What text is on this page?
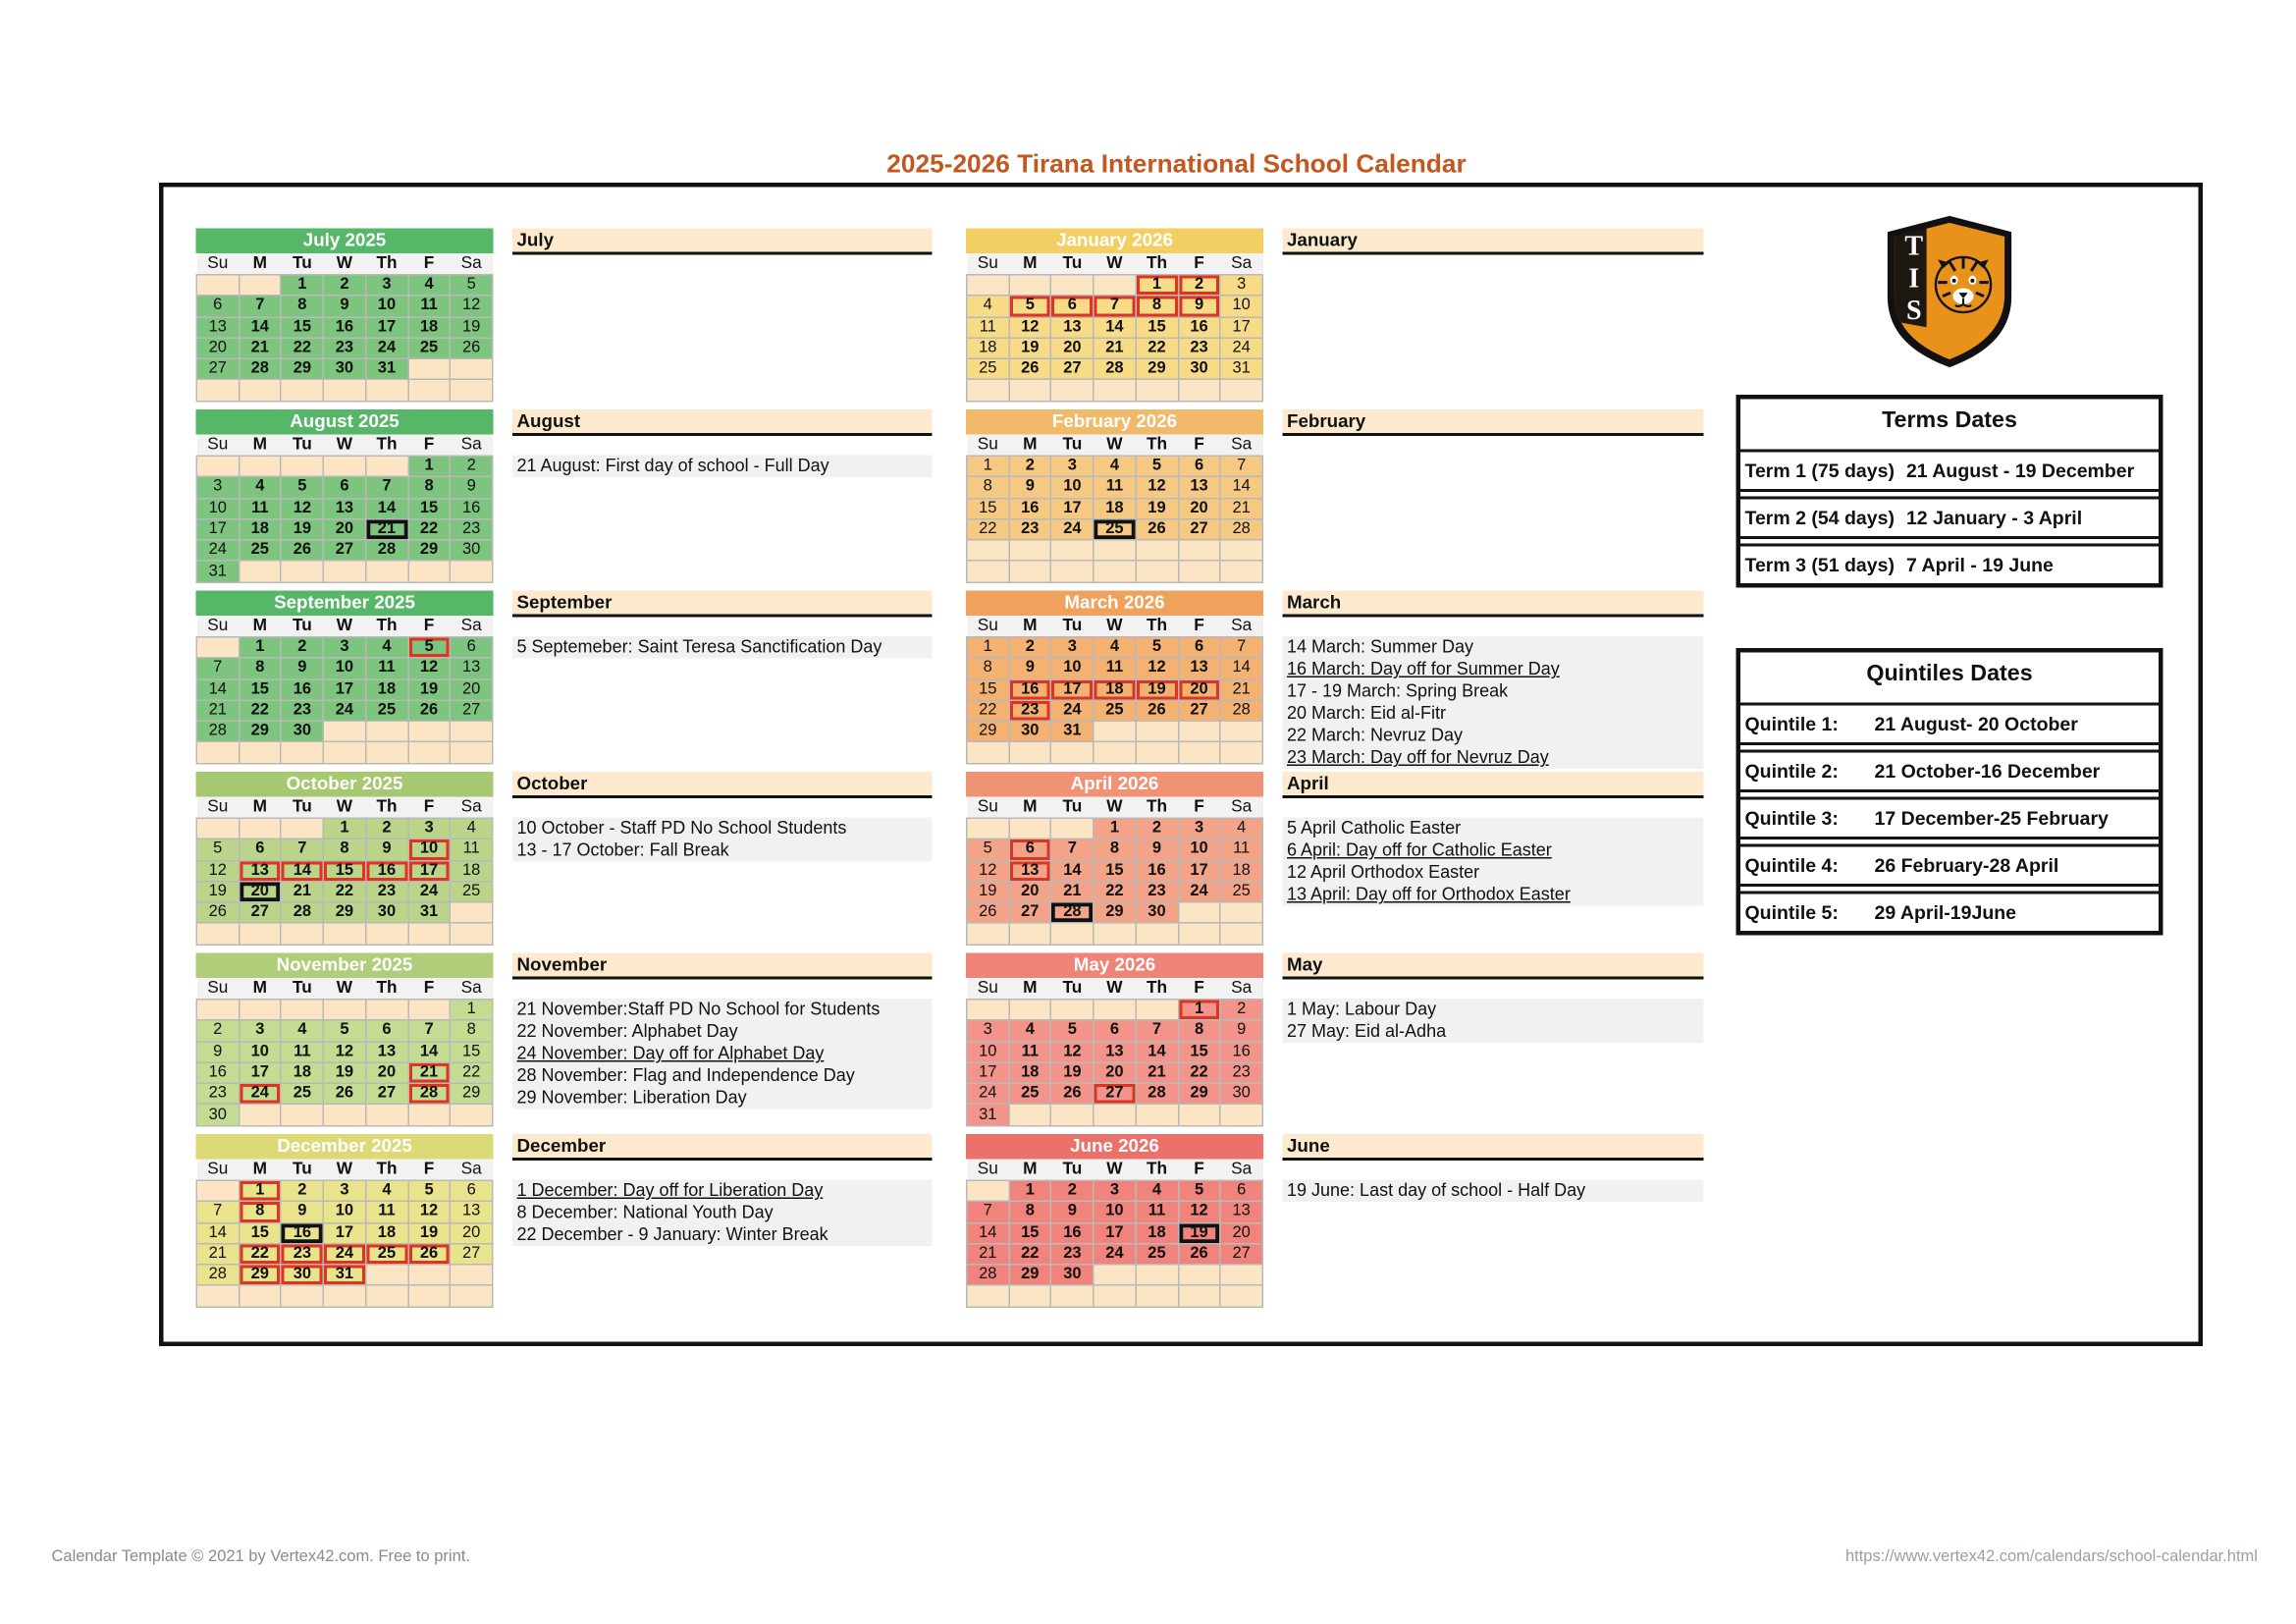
2025-2026 Tirana International School Calendar
July 2025
Su	M	Tu	W	Th	F	Sa
		1	2	3	4	5
6	7	8	9	10	11	12
13	14	15	16	17	18	19
20	21	22	23	24	25	26
27	28	29	30	31		

August 2025
Su	M	Tu	W	Th	F	Sa
					1	2
3	4	5	6	7	8	9
10	11	12	13	14	15	16
17	18	19	20	21	22	23
24	25	26	27	28	29	30
31						
September 2025
Su	M	Tu	W	Th	F	Sa
	1	2	3	4	5	6
7	8	9	10	11	12	13
14	15	16	17	18	19	20
21	22	23	24	25	26	27
28	29	30				

October 2025
Su	M	Tu	W	Th	F	Sa
			1	2	3	4
5	6	7	8	9	10	11
12	13	14	15	16	17	18
19	20	21	22	23	24	25
26	27	28	29	30	31	

November 2025
Su	M	Tu	W	Th	F	Sa
						1
2	3	4	5	6	7	8
9	10	11	12	13	14	15
16	17	18	19	20	21	22
23	24	25	26	27	28	29
30						
December 2025
Su	M	Tu	W	Th	F	Sa
	1	2	3	4	5	6
7	8	9	10	11	12	13
14	15	16	17	18	19	20
21	22	23	24	25	26	27
28	29	30	31			

July
August
21 August: First day of school - Full Day
September
5 Septemeber: Saint Teresa Sanctification Day
October
10 October - Staff PD No School Students
13 - 17 October: Fall Break
November
21 November:Staff PD No School for Students
22 November: Alphabet Day
24 November: Day off for Alphabet Day
28 November: Flag and Independence Day
29 November: Liberation Day
December
1 December: Day off for Liberation Day
8 December: National Youth Day
22 December - 9 January: Winter Break
January 2026
Su	M	Tu	W	Th	F	Sa
				1	2	3
4	5	6	7	8	9	10
11	12	13	14	15	16	17
18	19	20	21	22	23	24
25	26	27	28	29	30	31

February 2026
Su	M	Tu	W	Th	F	Sa
1	2	3	4	5	6	7
8	9	10	11	12	13	14
15	16	17	18	19	20	21
22	23	24	25	26	27	28

March 2026
Su	M	Tu	W	Th	F	Sa
1	2	3	4	5	6	7
8	9	10	11	12	13	14
15	16	17	18	19	20	21
22	23	24	25	26	27	28
29	30	31				

April 2026
Su	M	Tu	W	Th	F	Sa
			1	2	3	4
5	6	7	8	9	10	11
12	13	14	15	16	17	18
19	20	21	22	23	24	25
26	27	28	29	30		

May 2026
Su	M	Tu	W	Th	F	Sa
					1	2
3	4	5	6	7	8	9
10	11	12	13	14	15	16
17	18	19	20	21	22	23
24	25	26	27	28	29	30
31						
June 2026
Su	M	Tu	W	Th	F	Sa
	1	2	3	4	5	6
7	8	9	10	11	12	13
14	15	16	17	18	19	20
21	22	23	24	25	26	27
28	29	30				

January
February
March
14 March: Summer Day
16 March: Day off for Summer Day
17 - 19 March: Spring Break
20 March: Eid al-Fitr
22 March: Nevruz Day
23 March: Day off for Nevruz Day
April
5 April Catholic Easter
6 April: Day off for Catholic Easter
12 April Orthodox Easter
13 April: Day off for Orthodox Easter
May
1 May: Labour Day
27 May: Eid al-Adha
June
19 June: Last day of school - Half Day
T
I
S
Terms Dates
Term 1 (75 days) 21 August - 19 December
Term 2 (54 days) 12 January - 3 April
Term 3 (51 days) 7 April - 19 June
Quintiles Dates
Quintile 1:	21 August- 20 October
Quintile 2:	21 October-16 December
Quintile 3:	17 December-25 February
Quintile 4:	26 February-28 April
Quintile 5:	29 April-19June
Calendar Template © 2021 by Vertex42.com. Free to print.	https://www.vertex42.com/calendars/school-calendar.html
